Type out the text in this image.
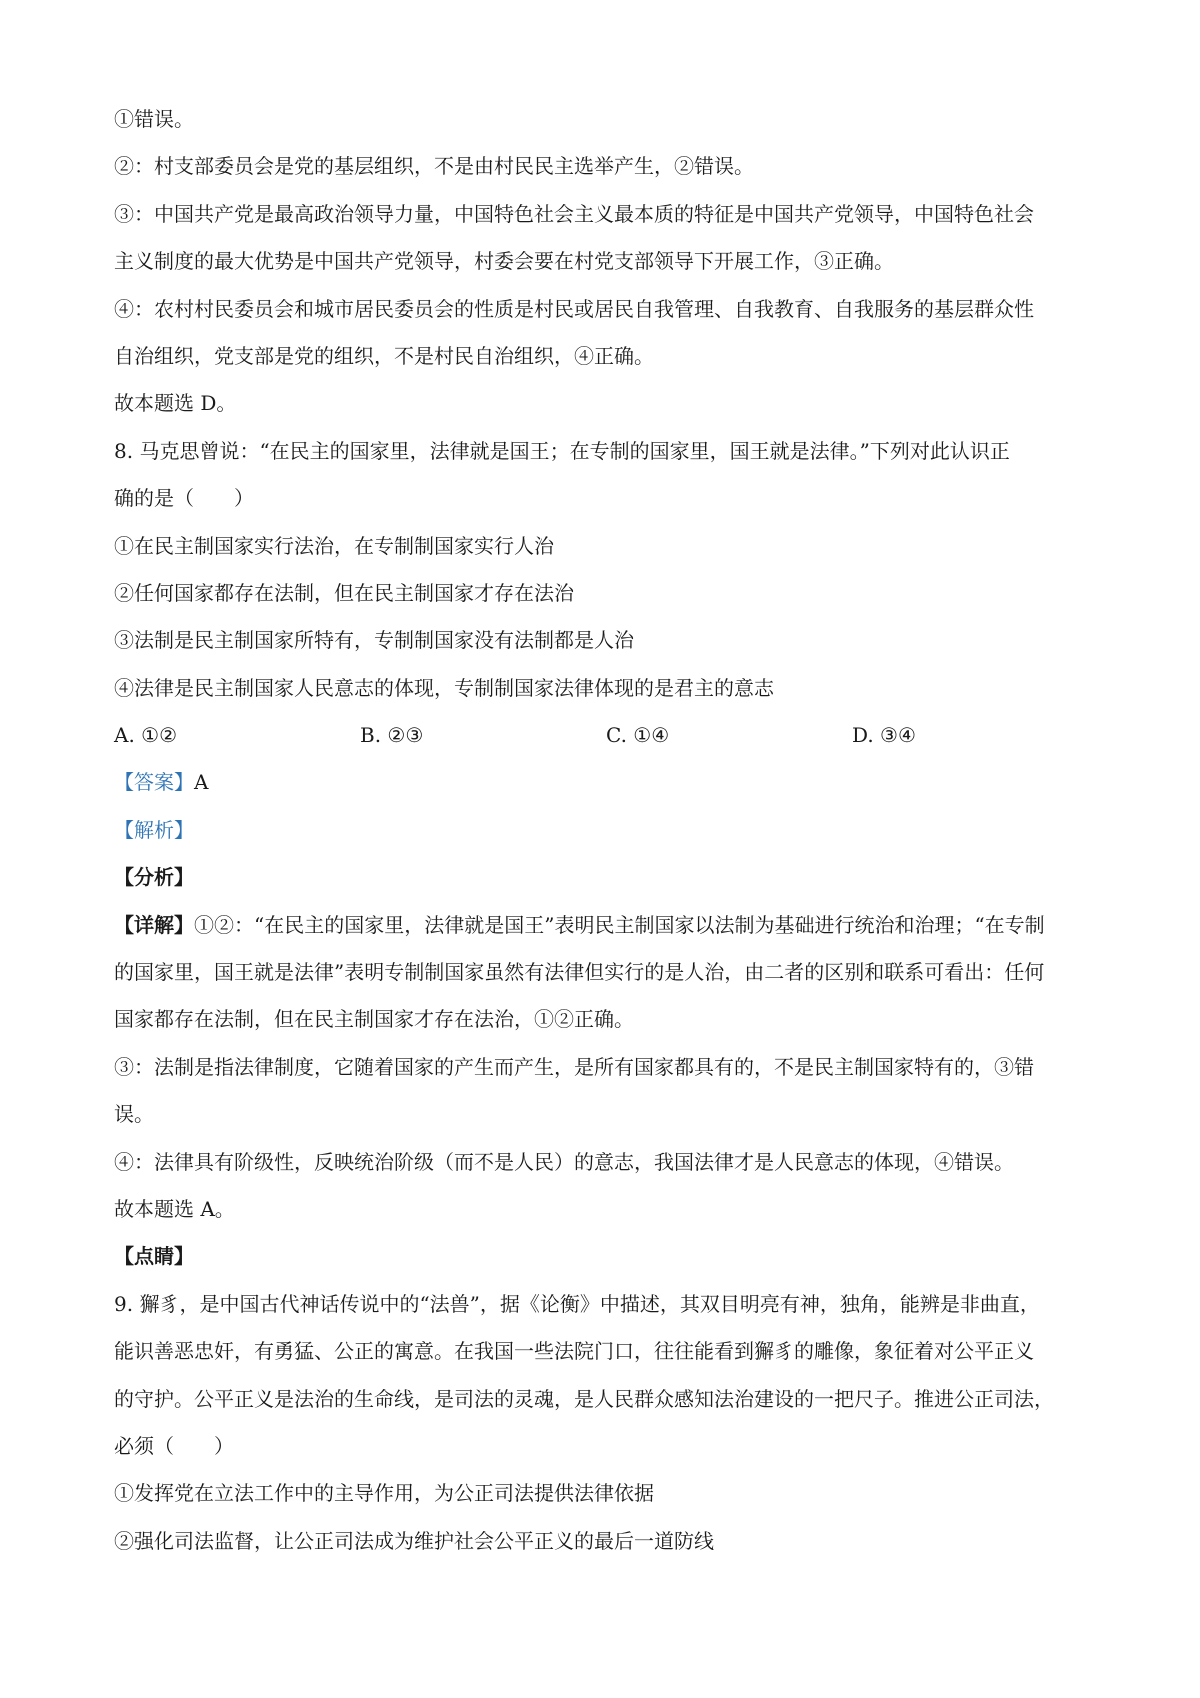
①错误。
②：村支部委员会是党的基层组织，不是由村民民主选举产生，②错误。
③：中国共产党是最高政治领导力量，中国特色社会主义最本质的特征是中国共产党领导，中国特色社会
主义制度的最大优势是中国共产党领导，村委会要在村党支部领导下开展工作，③正确。
④：农村村民委员会和城市居民委员会的性质是村民或居民自我管理、自我教育、自我服务的基层群众性
自治组织，党支部是党的组织，不是村民自治组织，④正确。
故本题选 D。
8. 马克思曾说：“在民主的国家里，法律就是国王；在专制的国家里，国王就是法律。”下列对此认识正
确的是（　　）
①在民主制国家实行法治，在专制制国家实行人治
②任何国家都存在法制，但在民主制国家才存在法治
③法制是民主制国家所特有，专制制国家没有法制都是人治
④法律是民主制国家人民意志的体现，专制制国家法律体现的是君主的意志
A. ①②	B. ②③	C. ①④	D. ③④
【答案】A
【解析】
【分析】
【详解】①②：“在民主的国家里，法律就是国王”表明民主制国家以法制为基础进行统治和治理；“在专制
的国家里，国王就是法律”表明专制制国家虽然有法律但实行的是人治，由二者的区别和联系可看出：任何
国家都存在法制，但在民主制国家才存在法治，①②正确。
③：法制是指法律制度，它随着国家的产生而产生，是所有国家都具有的，不是民主制国家特有的，③错
误。
④：法律具有阶级性，反映统治阶级（而不是人民）的意志，我国法律才是人民意志的体现，④错误。
故本题选 A。
【点睛】
9. 獬豸，是中国古代神话传说中的“法兽”，据《论衡》中描述，其双目明亮有神，独角，能辨是非曲直，
能识善恶忠奸，有勇猛、公正的寓意。在我国一些法院门口，往往能看到獬豸的雕像，象征着对公平正义
的守护。公平正义是法治的生命线，是司法的灵魂，是人民群众感知法治建设的一把尺子。推进公正司法，
必须（　　）
①发挥党在立法工作中的主导作用，为公正司法提供法律依据
②强化司法监督，让公正司法成为维护社会公平正义的最后一道防线
